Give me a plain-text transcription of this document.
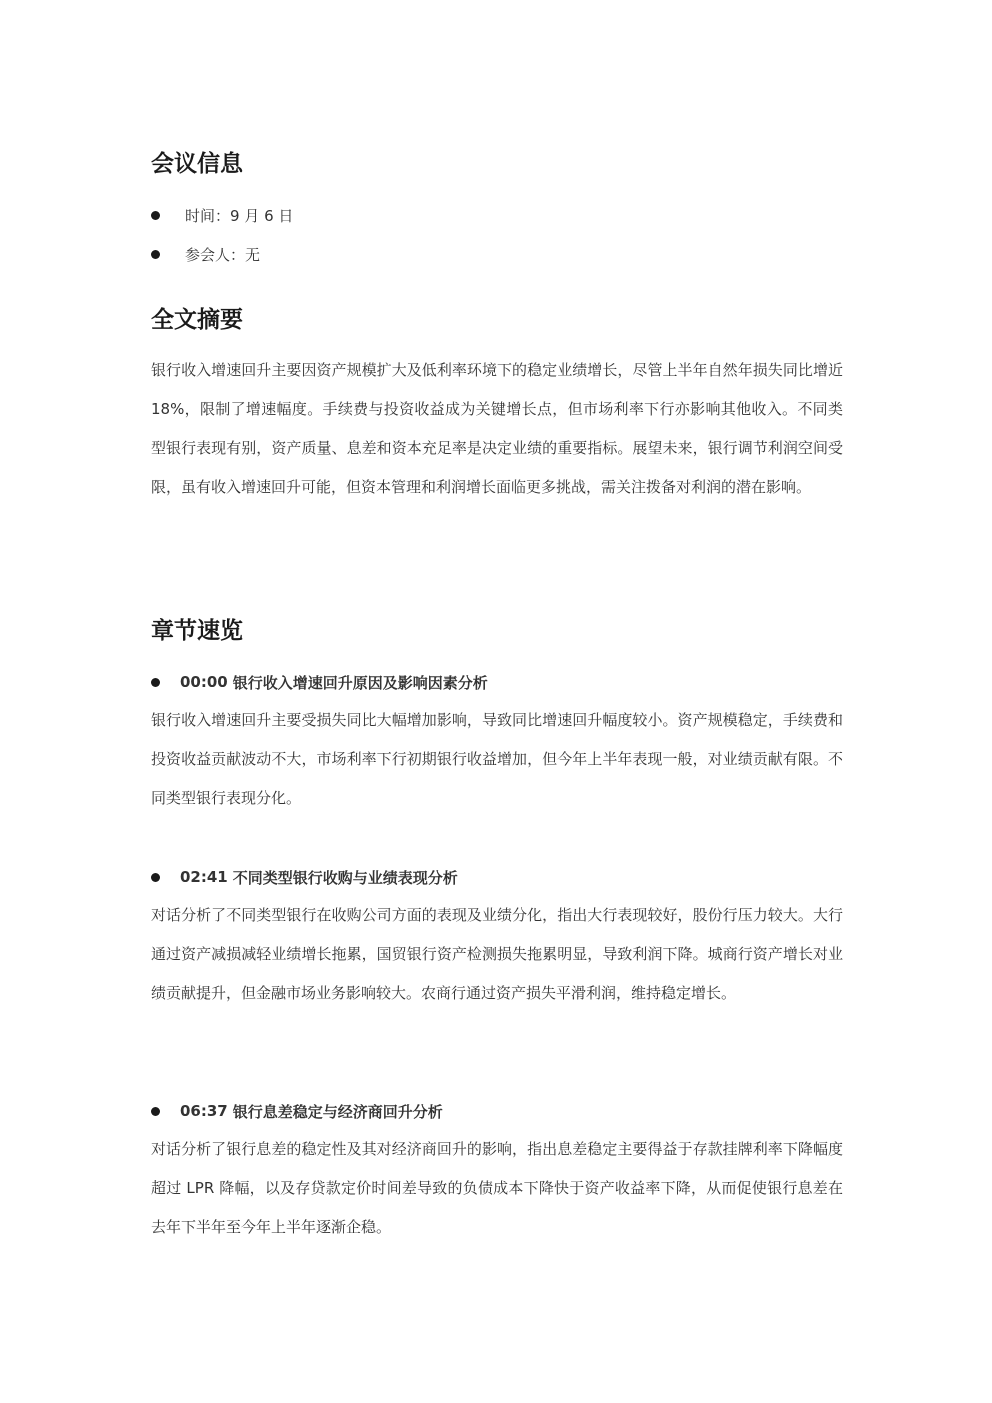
会议信息
时间： 9 月 6 日
参会人： 无
全文摘要

银行收入增速回升主要因资产规模扩大及低利率环境下的稳定业绩增长，尽管上半年自然年损失同比增近 18%，限制了增速幅度。手续费与投资收益成为关键增长点，但市场利率下行亦影响其他收入。不同类型银行表现有别，资产质量、息差和资本充足率是决定业绩的重要指标。展望未来，银行调节利润空间受限，虽有收入增速回升可能，但资本管理和利润增长面临更多挑战，需关注拨备对利润的潜在影响。

章节速览
00:00 银行收入增速回升原因及影响因素分析

银行收入增速回升主要受损失同比大幅增加影响，导致同比增速回升幅度较小。资产规模稳定，手续费和投资收益贡献波动不大，市场利率下行初期银行收益增加，但今年上半年表现一般，对业绩贡献有限。不同类型银行表现分化。

02:41 不同类型银行收购与业绩表现分析

对话分析了不同类型银行在收购公司方面的表现及业绩分化，指出大行表现较好，股份行压力较大。大行通过资产减损减轻业绩增长拖累，国贸银行资产检测损失拖累明显，导致利润下降。城商行资产增长对业绩贡献提升，但金融市场业务影响较大。农商行通过资产损失平滑利润，维持稳定增长。

06:37 银行息差稳定与经济商回升分析

对话分析了银行息差的稳定性及其对经济商回升的影响，指出息差稳定主要得益于存款挂牌利率下降幅度超过 LPR 降幅，以及存贷款定价时间差导致的负债成本下降快于资产收益率下降，从而促使银行息差在去年下半年至今年上半年逐渐企稳。
